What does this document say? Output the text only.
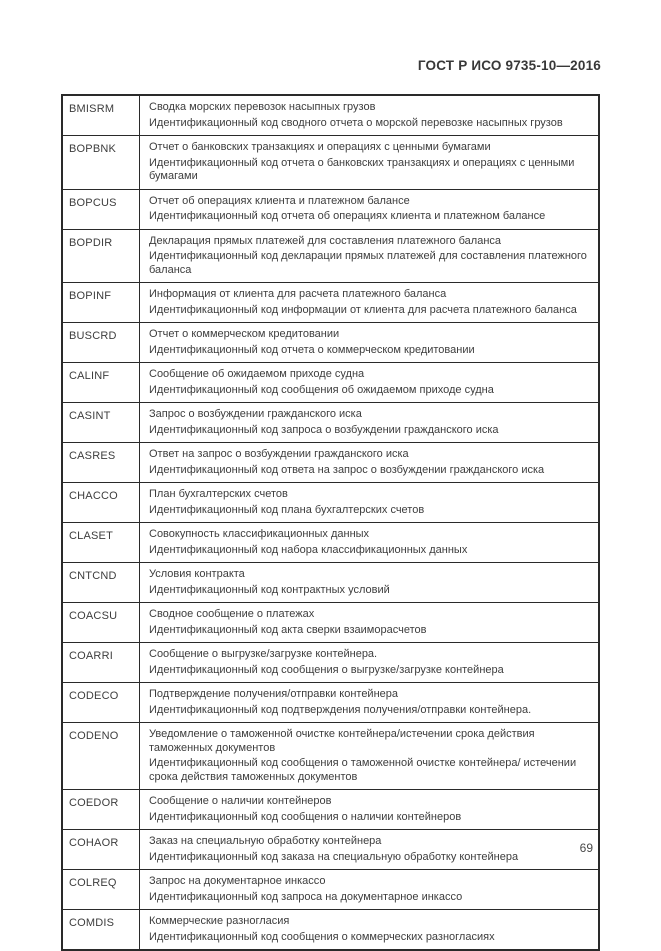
ГОСТ Р ИСО 9735-10—2016
BMISRM	Сводка морских перевозок насыпных грузов
Идентификационный код сводного отчета о морской перевозке насыпных грузов

BOPBNK	Отчет о банковских транзакциях и операциях с ценными бумагами
Идентификационный код отчета о банковских транзакциях и операциях с ценными бумагами

BOPCUS	Отчет об операциях клиента и платежном балансе
Идентификационный код отчета об операциях клиента и платежном балансе

BOPDIR	Декларация прямых платежей для составления платежного баланса
Идентификационный код декларации прямых платежей для составления платежного баланса

BOPINF	Информация от клиента для расчета платежного баланса
Идентификационный код информации от клиента для расчета платежного баланса

BUSCRD	Отчет о коммерческом кредитовании
Идентификационный код отчета о коммерческом кредитовании

CALINF	Сообщение об ожидаемом приходе судна
Идентификационный код сообщения об ожидаемом приходе судна

CASINT	Запрос о возбуждении гражданского иска
Идентификационный код запроса о возбуждении гражданского иска

CASRES	Ответ на запрос о возбуждении гражданского иска
Идентификационный код ответа на запрос о возбуждении гражданского иска

CHACCO	План бухгалтерских счетов
Идентификационный код плана бухгалтерских счетов

CLASET	Совокупность классификационных данных
Идентификационный код набора классификационных данных

CNTCND	Условия контракта
Идентификационный код контрактных условий

COACSU	Сводное сообщение о платежах
Идентификационный код акта сверки взаиморасчетов

COARRI	Сообщение о выгрузке/загрузке контейнера.
Идентификационный код сообщения о выгрузке/загрузке контейнера

CODECO	Подтверждение получения/отправки контейнера
Идентификационный код подтверждения получения/отправки контейнера.

CODENO	Уведомление о таможенной очистке контейнера/истечении срока действия таможенных документов
Идентификационный код сообщения о таможенной очистке контейнера/ истечении срока действия таможенных документов

COEDOR	Сообщение о наличии контейнеров
Идентификационный код сообщения о наличии контейнеров

COHAOR	Заказ на специальную обработку контейнера
Идентификационный код заказа на специальную обработку контейнера

COLREQ	Запрос на документарное инкассо
Идентификационный код запроса на документарное инкассо

COMDIS	Коммерческие разногласия
Идентификационный код сообщения о коммерческих разногласиях
69
